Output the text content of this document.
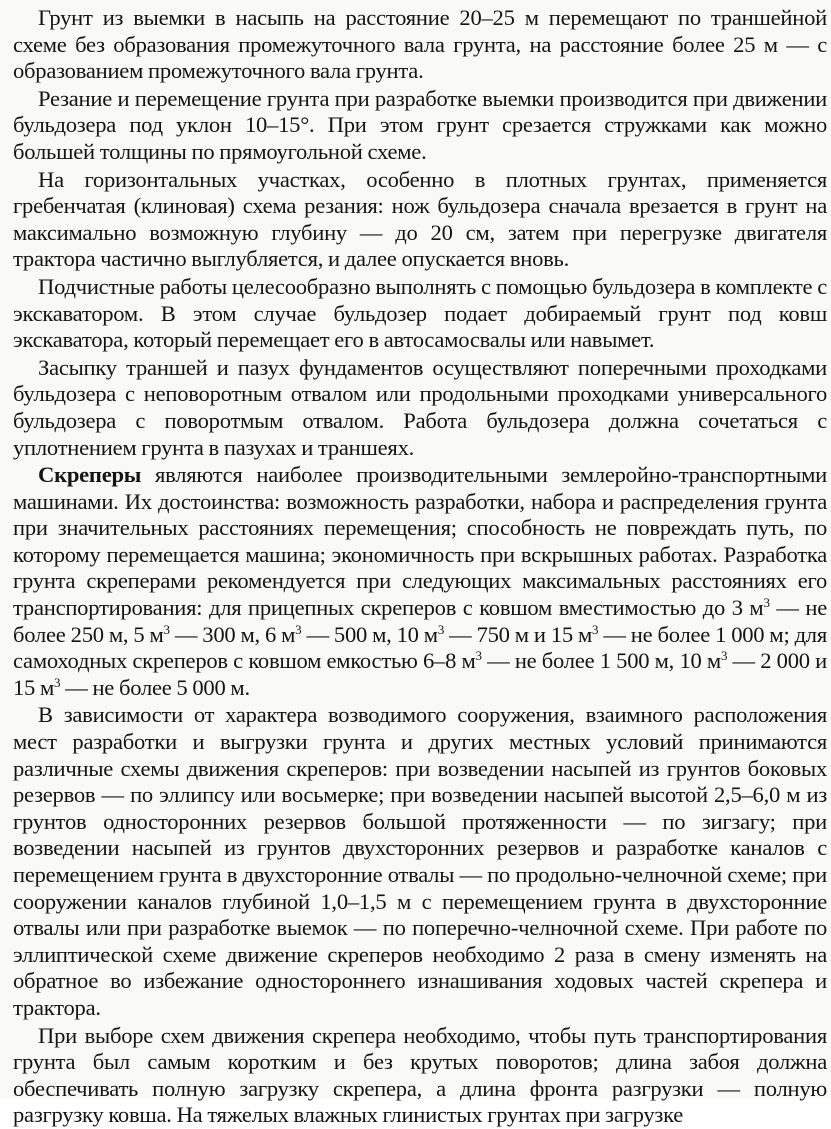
Грунт из выемки в насыпь на расстояние 20–25 м перемещают по траншейной схеме без образования промежуточного вала грунта, на расстояние более 25 м — с образованием промежуточного вала грунта.

Резание и перемещение грунта при разработке выемки производится при движении бульдозера под уклон 10–15°. При этом грунт срезается стружками как можно большей толщины по прямоугольной схеме.

На горизонтальных участках, особенно в плотных грунтах, применяется гребенчатая (клиновая) схема резания: нож бульдозера сначала врезается в грунт на максимально возможную глубину — до 20 см, затем при перегрузке двигателя трактора частично выглубляется, и далее опускается вновь.

Подчистные работы целесообразно выполнять с помощью бульдозера в комплекте с экскаватором. В этом случае бульдозер подает добираемый грунт под ковш экскаватора, который перемещает его в автосамосвалы или навымет.

Засыпку траншей и пазух фундаментов осуществляют поперечными проходками бульдозера с неповоротным отвалом или продольными проходками универсального бульдозера с поворотмым отвалом. Работа бульдозера должна сочетаться с уплотнением грунта в пазухах и траншеях.

Скреперы являются наиболее производительными землеройно-транспортными машинами. Их достоинства: возможность разработки, набора и распределения грунта при значительных расстояниях перемещения; способность не повреждать путь, по которому перемещается машина; экономичность при вскрышных работах. Разработка грунта скреперами рекомендуется при следующих максимальных расстояниях его транспортирования: для прицепных скреперов с ковшом вместимостью до 3 $м^3$ — не более 250 м, 5 $м^3$ — 300 м, 6 $м^3$ — 500 м, 10 $м^3$ — 750 м и 15 $м^3$ — не более 1 000 м; для самоходных скреперов с ковшом емкостью 6–8 $м^3$ — не более 1 500 м, 10 $м^3$ — 2 000 и 15 $м^3$ — не более 5 000 м.

В зависимости от характера возводимого сооружения, взаимного расположения мест разработки и выгрузки грунта и других местных условий принимаются различные схемы движения скреперов: при возведении насыпей из грунтов боковых резервов — по эллипсу или восьмерке; при возведении насыпей высотой 2,5–6,0 м из грунтов односторонних резервов большой протяженности — по зигзагу; при возведении насыпей из грунтов двухсторонних резервов и разработке каналов с перемещением грунта в двухсторонние отвалы — по продольно-челночной схеме; при сооружении каналов глубиной 1,0–1,5 м с перемещением грунта в двухсторонние отвалы или при разработке выемок — по поперечно-челночной схеме. При работе по эллиптической схеме движение скреперов необходимо 2 раза в смену изменять на обратное во избежание одностороннего изнашивания ходовых частей скрепера и трактора.

При выборе схем движения скрепера необходимо, чтобы путь транспортирования грунта был самым коротким и без крутых поворотов; длина забоя должна обеспечивать полную загрузку скрепера, а длина фронта разгрузки — полную разгрузку ковша. На тяжелых влажных глинистых грунтах при загрузке
